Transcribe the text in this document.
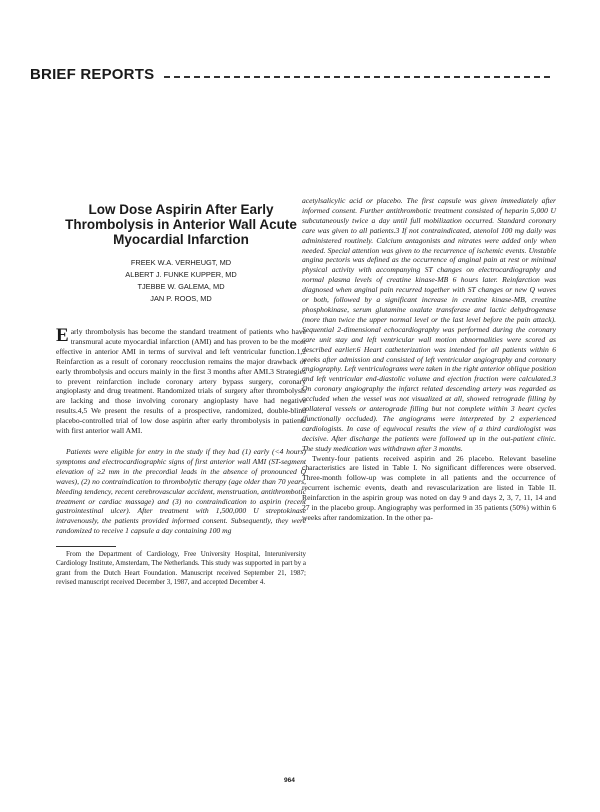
BRIEF REPORTS
Low Dose Aspirin After Early Thrombolysis in Anterior Wall Acute Myocardial Infarction
FREEK W.A. VERHEUGT, MD
ALBERT J. FUNKE KUPPER, MD
TJEBBE W. GALEMA, MD
JAN P. ROOS, MD

Early thrombolysis has become the standard treatment of patients who have transmural acute myocardial infarction (AMI) and has proven to be the most effective in anterior AMI in terms of survival and left ventricular function.1,2 Reinfarction as a result of coronary reocclusion remains the major drawback of early thrombolysis and occurs mainly in the first 3 months after AMI.3 Strategies to prevent reinfarction include coronary artery bypass surgery, coronary angioplasty and drug treatment. Randomized trials of surgery after thrombolysis are lacking and those involving coronary angioplasty have had negative results.4,5 We present the results of a prospective, randomized, double-blind placebo-controlled trial of low dose aspirin after early thrombolysis in patients with first anterior wall AMI.

Patients were eligible for entry in the study if they had (1) early (<4 hours) symptoms and electrocardiographic signs of first anterior wall AMI (ST-segment elevation of ≥2 mm in the precordial leads in the absence of pronounced Q waves), (2) no contraindication to thrombolytic therapy (age older than 70 years, bleeding tendency, recent cerebrovascular accident, menstruation, antithrombotic treatment or cardiac massage) and (3) no contraindication to aspirin (recent gastrointestinal ulcer). After treatment with 1,500,000 U streptokinase intravenously, the patients provided informed consent. Subsequently, they were randomized to receive 1 capsule a day containing 100 mg

From the Department of Cardiology, Free University Hospital, Interuniversity Cardiology Institute, Amsterdam, The Netherlands. This study was supported in part by a grant from the Dutch Heart Foundation. Manuscript received September 21, 1987; revised manuscript received December 3, 1987, and accepted December 4.

acetylsalicylic acid or placebo. The first capsule was given immediately after informed consent. Further antithrombotic treatment consisted of heparin 5,000 U subcutaneously twice a day until full mobilization occurred. Standard coronary care was given to all patients.3 If not contraindicated, atenolol 100 mg daily was administered routinely. Calcium antagonists and nitrates were added only when needed. Special attention was given to the recurrence of ischemic events. Unstable angina pectoris was defined as the occurrence of anginal pain at rest or minimal physical activity with accompanying ST changes on electrocardiography and normal plasma levels of creatine kinase-MB 6 hours later. Reinfarction was diagnosed when anginal pain recurred together with ST changes or new Q waves or both, followed by a significant increase in creatine kinase-MB, creatine phosphokinase, serum glutamine oxalate transferase and lactic dehydrogenase (more than twice the upper normal level or the last level before the pain attack). Sequential 2-dimensional echocardiography was performed during the coronary care unit stay and left ventricular wall motion abnormalities were scored as described earlier.6 Heart catheterization was intended for all patients within 6 weeks after admission and consisted of left ventricular angiography and coronary angiography. Left ventriculograms were taken in the right anterior oblique position and left ventricular end-diastolic volume and ejection fraction were calculated.3 On coronary angiography the infarct related descending artery was regarded as occluded when the vessel was not visualized at all, showed retrograde filling by collateral vessels or anterograde filling but not complete within 3 heart cycles (functionally occluded). The angiograms were interpreted by 2 experienced cardiologists. In case of equivocal results the view of a third cardiologist was decisive. After discharge the patients were followed up in the out-patient clinic. The study medication was withdrawn after 3 months.

Twenty-four patients received aspirin and 26 placebo. Relevant baseline characteristics are listed in Table I. No significant differences were observed. Three-month follow-up was complete in all patients and the occurrence of recurrent ischemic events, death and revascularization are listed in Table II. Reinfarction in the aspirin group was noted on day 9 and days 2, 3, 7, 11, 14 and 27 in the placebo group. Angiography was performed in 35 patients (50%) within 6 weeks after randomization. In the other pa-

964
